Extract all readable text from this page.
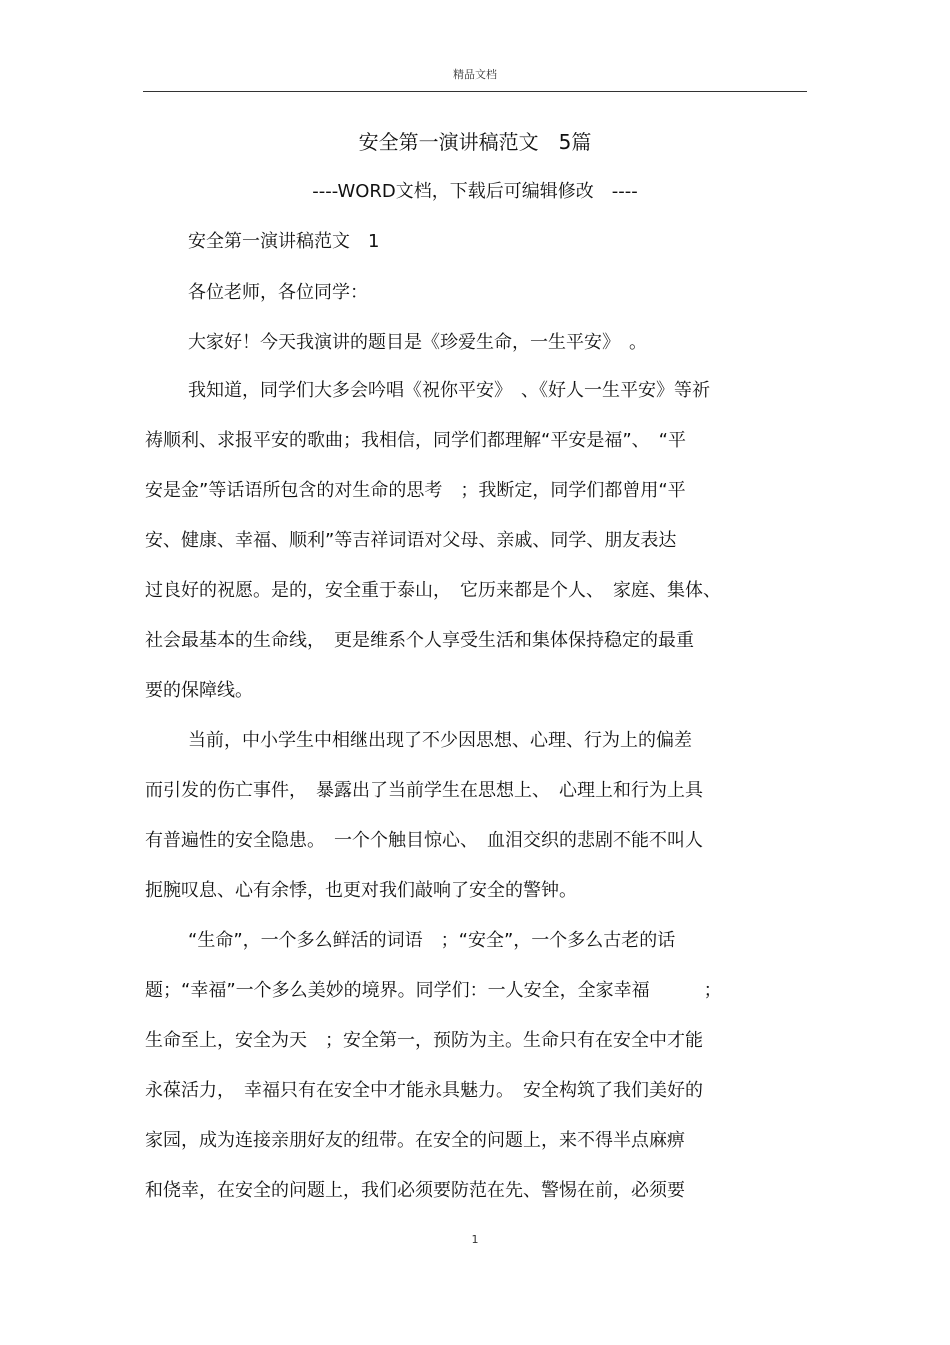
精品文档
安全第一演讲稿范文　5篇
----WORD文档，下载后可编辑修改　----
安全第一演讲稿范文　1
各位老师，各位同学：
大家好！今天我演讲的题目是《珍爱生命，一生平安》　。
我知道，同学们大多会吟唱《祝你平安》　、《好人一生平安》等祈
祷顺利、求报平安的歌曲；我相信，同学们都理解“平安是福”、　“平
安是金”等话语所包含的对生命的思考　；我断定，同学们都曾用“平
安、健康、幸福、顺利”等吉祥词语对父母、亲戚、同学、朋友表达
过良好的祝愿。是的，安全重于泰山，　它历来都是个人、　家庭、集体、
社会最基本的生命线，　更是维系个人享受生活和集体保持稳定的最重
要的保障线。
当前，中小学生中相继出现了不少因思想、心理、行为上的偏差
而引发的伤亡事件，　暴露出了当前学生在思想上、　心理上和行为上具
有普遍性的安全隐患。　一个个触目惊心、　血泪交织的悲剧不能不叫人
扼腕叹息、心有余悸，也更对我们敲响了安全的警钟。
“生命”，一个多么鲜活的词语　；“安全”，一个多么古老的话
题；“幸福”一个多么美妙的境界。同学们：一人安全，全家幸福　　　；
生命至上，安全为天　；安全第一，预防为主。生命只有在安全中才能
永葆活力，　幸福只有在安全中才能永具魅力。　安全构筑了我们美好的
家园，成为连接亲朋好友的纽带。在安全的问题上，来不得半点麻痹
和侥幸，在安全的问题上，我们必须要防范在先、警惕在前，必须要
1
